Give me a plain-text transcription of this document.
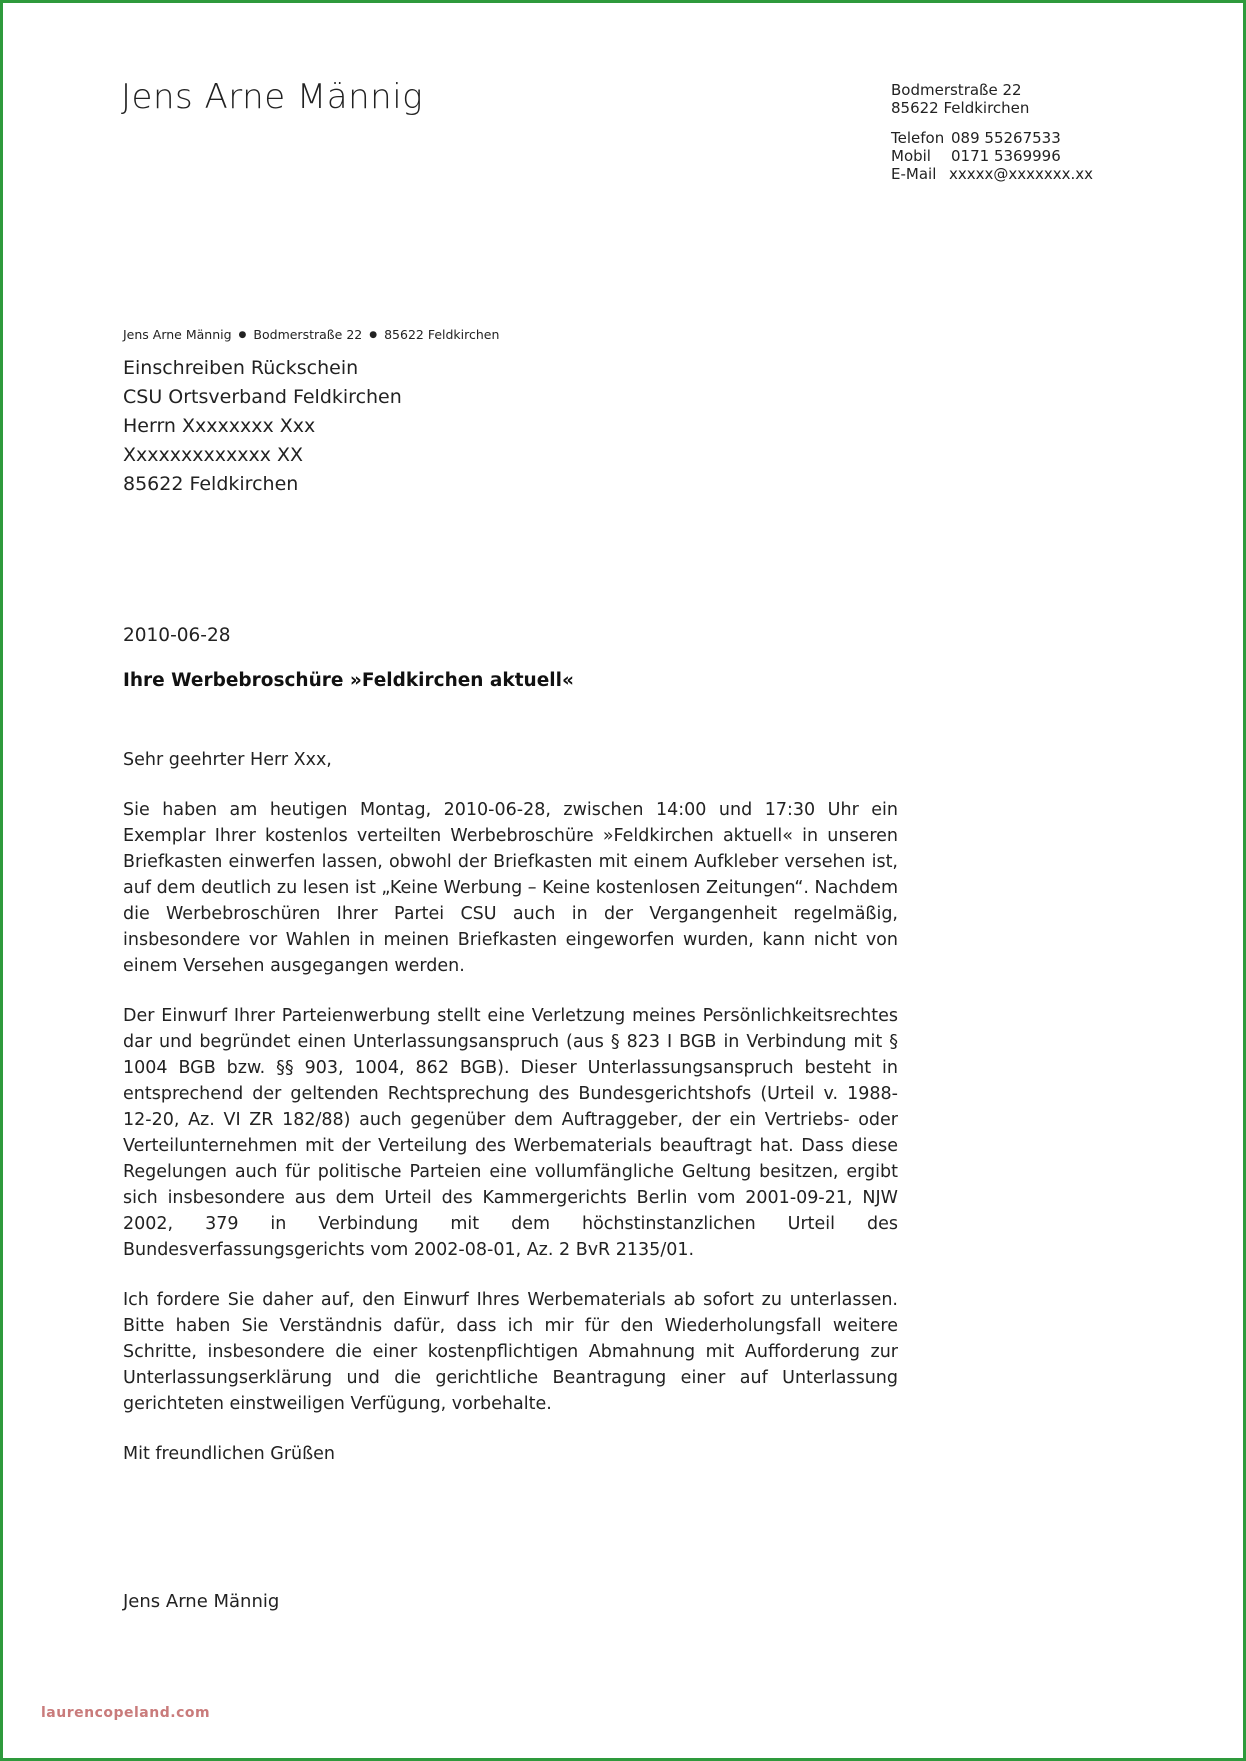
Jens Arne Männig	Bodmerstraße 22
85622 Feldkirchen
Telefon 089 55267533
Mobil 0171 5369996
E-Mail xxxxx@xxxxxxx.xx
Jens Arne Männig ● Bodmerstraße 22 ● 85622 Feldkirchen
Einschreiben Rückschein
CSU Ortsverband Feldkirchen
Herrn Xxxxxxxx Xxx
Xxxxxxxxxxxxx XX
85622 Feldkirchen
2010-06-28
Ihre Werbebroschüre »Feldkirchen aktuell«

Sehr geehrter Herr Xxx,

Sie haben am heutigen Montag, 2010-06-28, zwischen 14:00 und 17:30 Uhr ein Exemplar Ihrer kostenlos verteilten Werbebroschüre »Feldkirchen aktuell« in unseren Briefkasten einwerfen lassen, obwohl der Briefkasten mit einem Aufkleber versehen ist, auf dem deutlich zu lesen ist „Keine Werbung – Keine kostenlosen Zeitungen“. Nachdem die Werbebroschüren Ihrer Partei CSU auch in der Vergangenheit regelmäßig, insbesondere vor Wahlen in meinen Briefkasten eingeworfen wurden, kann nicht von einem Versehen ausgegangen werden.

Der Einwurf Ihrer Parteienwerbung stellt eine Verletzung meines Persönlichkeitsrechtes dar und begründet einen Unterlassungsanspruch (aus § 823 I BGB in Verbindung mit § 1004 BGB bzw. §§ 903, 1004, 862 BGB). Dieser Unterlassungsanspruch besteht in entsprechend der geltenden Rechtsprechung des Bundesgerichtshofs (Urteil v. 1988-12-20, Az. VI ZR 182/88) auch gegenüber dem Auftraggeber, der ein Vertriebs- oder Verteilunternehmen mit der Verteilung des Werbematerials beauftragt hat. Dass diese Regelungen auch für politische Parteien eine vollumfängliche Geltung besitzen, ergibt sich insbesondere aus dem Urteil des Kammergerichts Berlin vom 2001-09-21, NJW 2002, 379 in Verbindung mit dem höchstinstanzlichen Urteil des Bundesverfassungsgerichts vom 2002-08-01, Az. 2 BvR 2135/01.

Ich fordere Sie daher auf, den Einwurf Ihres Werbematerials ab sofort zu unterlassen. Bitte haben Sie Verständnis dafür, dass ich mir für den Wiederholungsfall weitere Schritte, insbesondere die einer kostenpflichtigen Abmahnung mit Aufforderung zur Unterlassungserklärung und die gerichtliche Beantragung einer auf Unterlassung gerichteten einstweiligen Verfügung, vorbehalte.

Mit freundlichen Grüßen

Jens Arne Männig
laurencopeland.com
